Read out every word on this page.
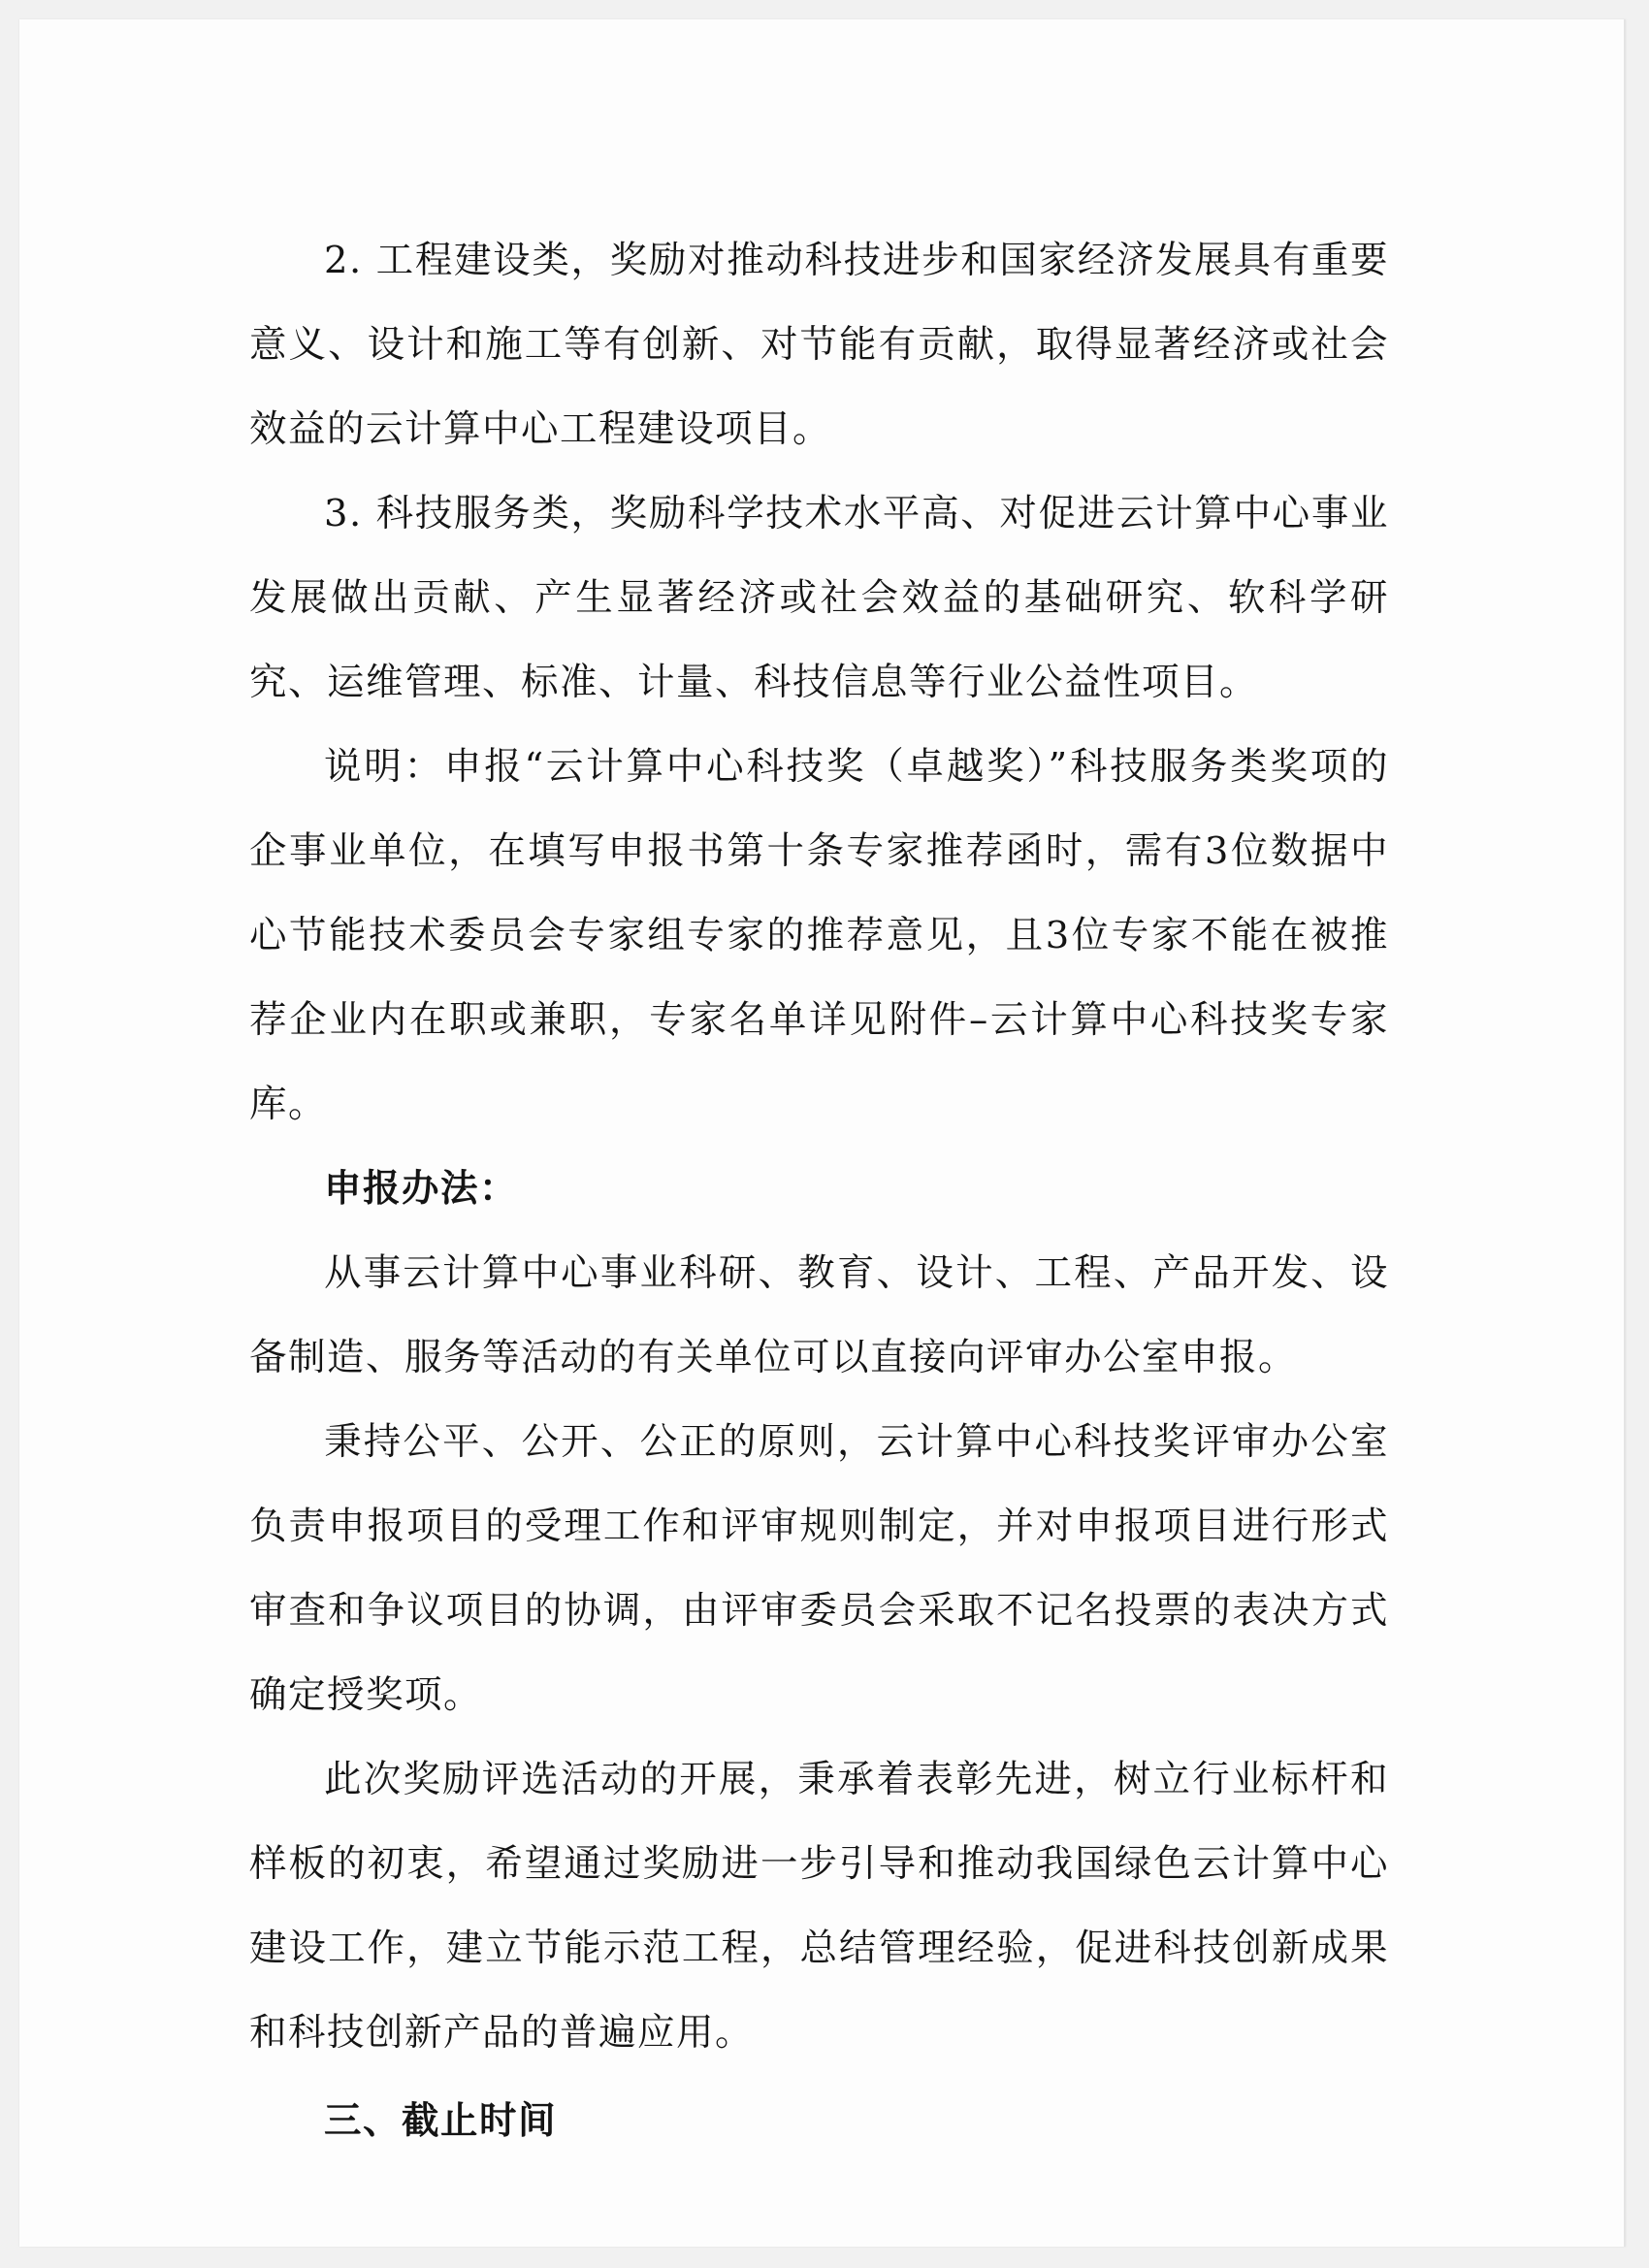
2. 工程建设类，奖励对推动科技进步和国家经济发展具有重要意义、设计和施工等有创新、对节能有贡献，取得显著经济或社会效益的云计算中心工程建设项目。

3. 科技服务类，奖励科学技术水平高、对促进云计算中心事业发展做出贡献、产生显著经济或社会效益的基础研究、软科学研究、运维管理、标准、计量、科技信息等行业公益性项目。

说明：申报“云计算中心科技奖（卓越奖）”科技服务类奖项的企事业单位，在填写申报书第十条专家推荐函时，需有3位数据中心节能技术委员会专家组专家的推荐意见，且3位专家不能在被推荐企业内在职或兼职，专家名单详见附件–云计算中心科技奖专家库。

申报办法：

从事云计算中心事业科研、教育、设计、工程、产品开发、设备制造、服务等活动的有关单位可以直接向评审办公室申报。

秉持公平、公开、公正的原则，云计算中心科技奖评审办公室负责申报项目的受理工作和评审规则制定，并对申报项目进行形式审查和争议项目的协调，由评审委员会采取不记名投票的表决方式确定授奖项。

此次奖励评选活动的开展，秉承着表彰先进，树立行业标杆和样板的初衷，希望通过奖励进一步引导和推动我国绿色云计算中心建设工作，建立节能示范工程，总结管理经验，促进科技创新成果和科技创新产品的普遍应用。

三、截止时间
